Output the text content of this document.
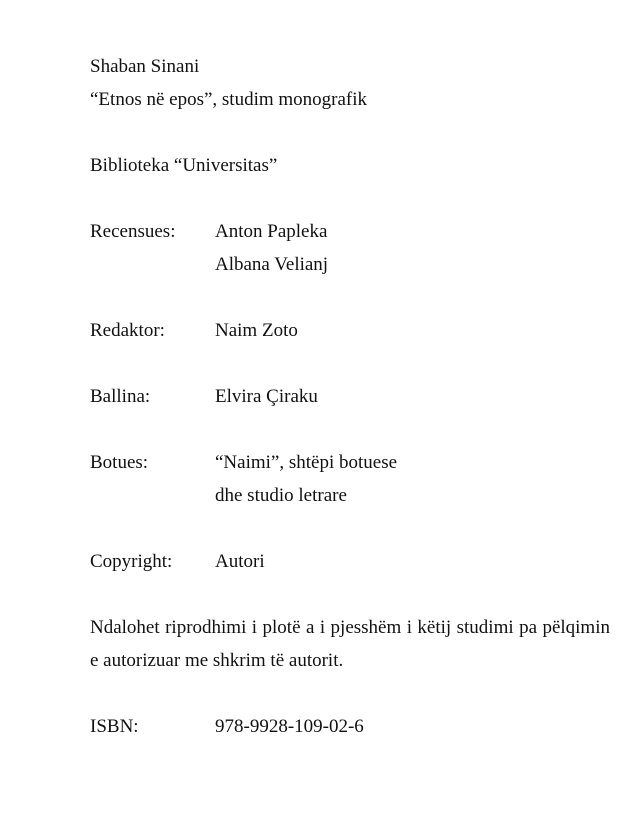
Shaban Sinani
“Etnos në epos”, studim monografik
Biblioteka “Universitas”
Recensues:	Anton Papleka
Albana Velianj
Redaktor:	Naim Zoto
Ballina:	Elvira Çiraku
Botues:	“Naimi”, shtëpi botuese
dhe studio letrare
Copyright:	Autori
Ndalohet riprodhimi i plotë a i pjesshëm i këtij studimi pa pëlqimin e autorizuar me shkrim të autorit.
ISBN:	978-9928-109-02-6
